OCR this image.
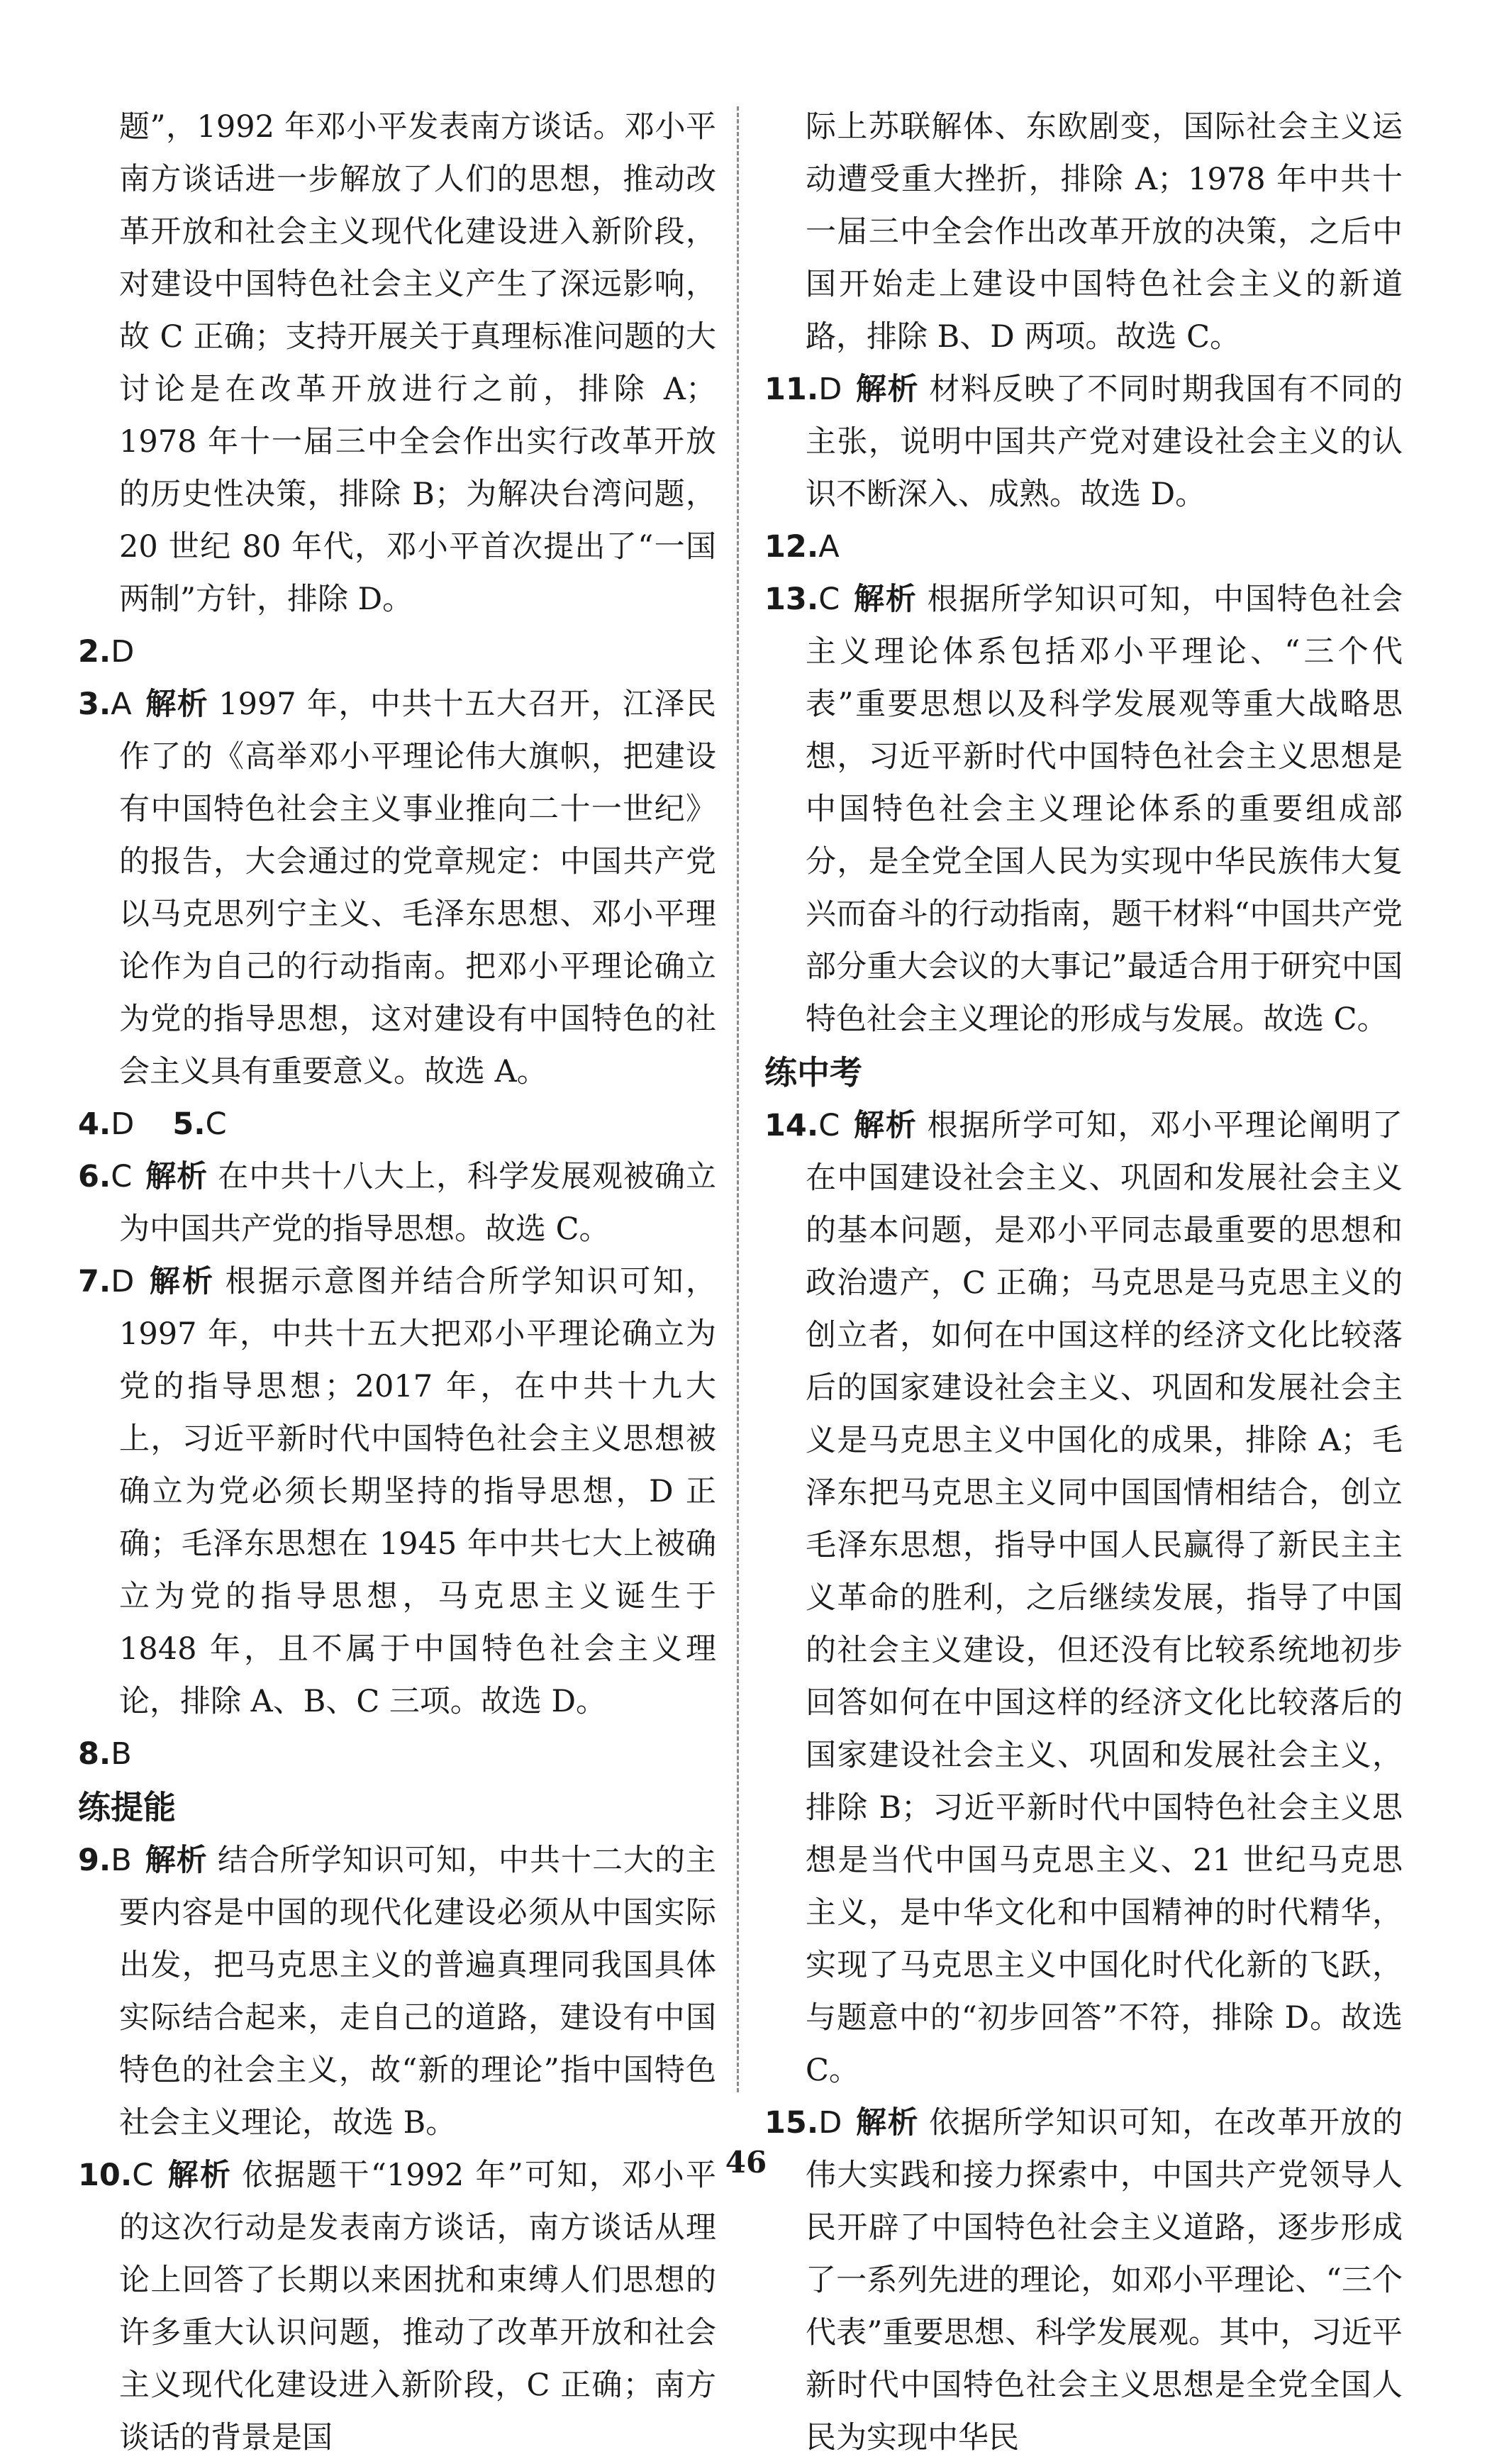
题”，1992 年邓小平发表南方谈话。邓小平南方谈话进一步解放了人们的思想，推动改革开放和社会主义现代化建设进入新阶段，对建设中国特色社会主义产生了深远影响，故 C 正确；支持开展关于真理标准问题的大讨论是在改革开放进行之前，排除 A；1978 年十一届三中全会作出实行改革开放的历史性决策，排除 B；为解决台湾问题，20 世纪 80 年代，邓小平首次提出了“一国两制”方针，排除 D。

2.D

3.A 解析 1997 年，中共十五大召开，江泽民作了的《高举邓小平理论伟大旗帜，把建设有中国特色社会主义事业推向二十一世纪》的报告，大会通过的党章规定：中国共产党以马克思列宁主义、毛泽东思想、邓小平理论作为自己的行动指南。把邓小平理论确立为党的指导思想，这对建设有中国特色的社会主义具有重要意义。故选 A。

4.D 5.C

6.C 解析 在中共十八大上，科学发展观被确立为中国共产党的指导思想。故选 C。

7.D 解析 根据示意图并结合所学知识可知，1997 年，中共十五大把邓小平理论确立为党的指导思想；2017 年，在中共十九大上，习近平新时代中国特色社会主义思想被确立为党必须长期坚持的指导思想，D 正确；毛泽东思想在 1945 年中共七大上被确立为党的指导思想，马克思主义诞生于 1848 年，且不属于中国特色社会主义理论，排除 A、B、C 三项。故选 D。

8.B

练提能

9.B 解析 结合所学知识可知，中共十二大的主要内容是中国的现代化建设必须从中国实际出发，把马克思主义的普遍真理同我国具体实际结合起来，走自己的道路，建设有中国特色的社会主义，故“新的理论”指中国特色社会主义理论，故选 B。

10.C 解析 依据题干“1992 年”可知，邓小平的这次行动是发表南方谈话，南方谈话从理论上回答了长期以来困扰和束缚人们思想的许多重大认识问题，推动了改革开放和社会主义现代化建设进入新阶段，C 正确；南方谈话的背景是国

际上苏联解体、东欧剧变，国际社会主义运动遭受重大挫折，排除 A；1978 年中共十一届三中全会作出改革开放的决策，之后中国开始走上建设中国特色社会主义的新道路，排除 B、D 两项。故选 C。

11.D 解析 材料反映了不同时期我国有不同的主张，说明中国共产党对建设社会主义的认识不断深入、成熟。故选 D。

12.A

13.C 解析 根据所学知识可知，中国特色社会主义理论体系包括邓小平理论、“三个代表”重要思想以及科学发展观等重大战略思想，习近平新时代中国特色社会主义思想是中国特色社会主义理论体系的重要组成部分，是全党全国人民为实现中华民族伟大复兴而奋斗的行动指南，题干材料“中国共产党部分重大会议的大事记”最适合用于研究中国特色社会主义理论的形成与发展。故选 C。

练中考

14.C 解析 根据所学可知，邓小平理论阐明了在中国建设社会主义、巩固和发展社会主义的基本问题，是邓小平同志最重要的思想和政治遗产，C 正确；马克思是马克思主义的创立者，如何在中国这样的经济文化比较落后的国家建设社会主义、巩固和发展社会主义是马克思主义中国化的成果，排除 A；毛泽东把马克思主义同中国国情相结合，创立毛泽东思想，指导中国人民赢得了新民主主义革命的胜利，之后继续发展，指导了中国的社会主义建设，但还没有比较系统地初步回答如何在中国这样的经济文化比较落后的国家建设社会主义、巩固和发展社会主义，排除 B；习近平新时代中国特色社会主义思想是当代中国马克思主义、21 世纪马克思主义，是中华文化和中国精神的时代精华，实现了马克思主义中国化时代化新的飞跃，与题意中的“初步回答”不符，排除 D。故选 C。

15.D 解析 依据所学知识可知，在改革开放的伟大实践和接力探索中，中国共产党领导人民开辟了中国特色社会主义道路，逐步形成了一系列先进的理论，如邓小平理论、“三个代表”重要思想、科学发展观。其中，习近平新时代中国特色社会主义思想是全党全国人民为实现中华民

46
